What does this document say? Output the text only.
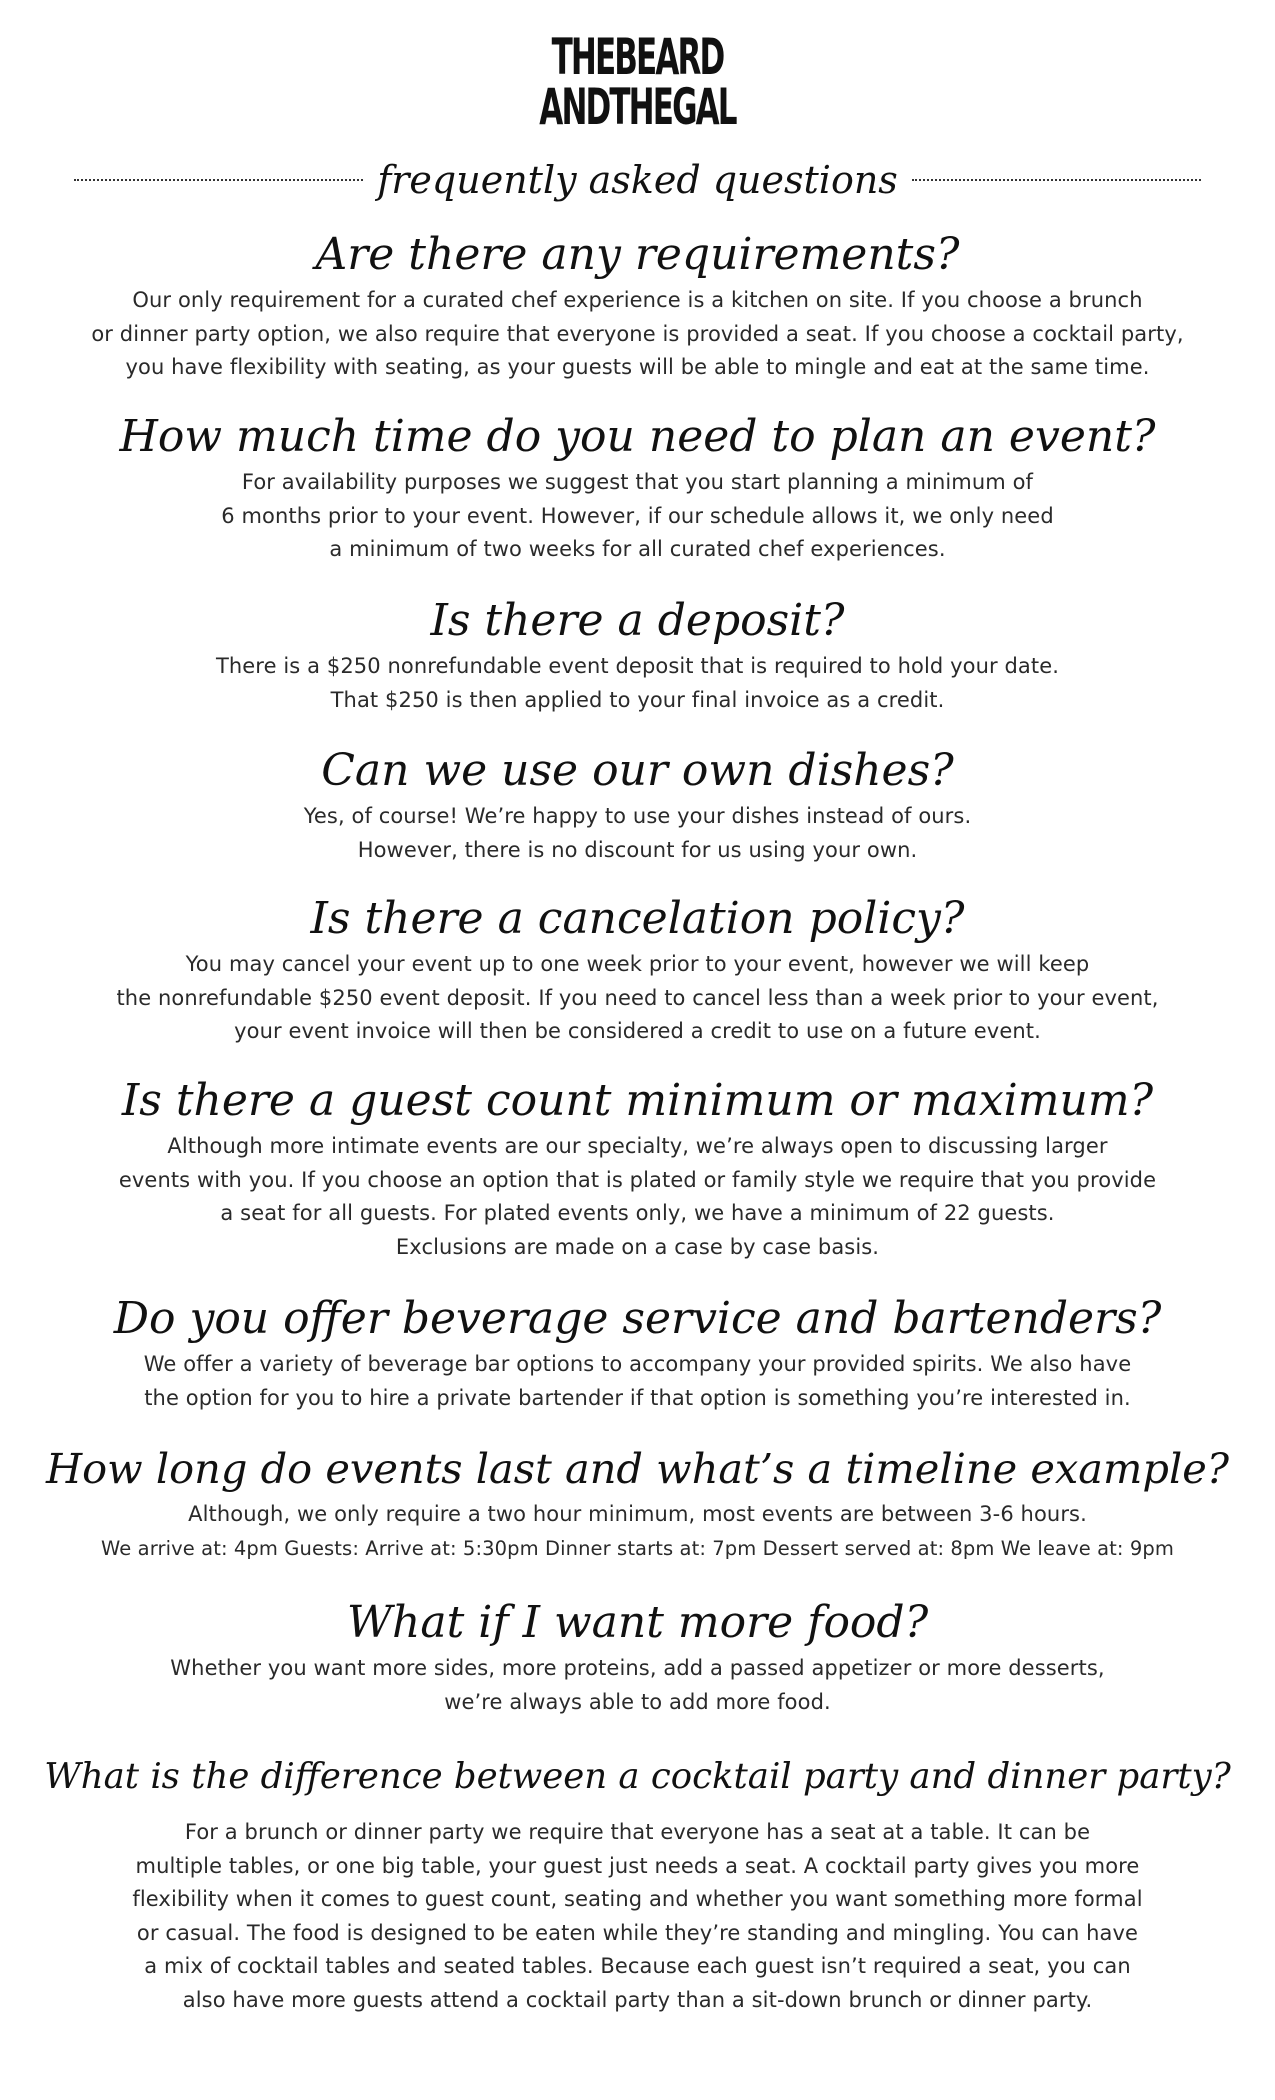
THEBEARD
ANDTHEGAL
frequently asked questions
Are there any requirements?
Our only requirement for a curated chef experience is a kitchen on site. If you choose a brunch
or dinner party option, we also require that everyone is provided a seat. If you choose a cocktail party,
you have flexibility with seating, as your guests will be able to mingle and eat at the same time.
How much time do you need to plan an event?
For availability purposes we suggest that you start planning a minimum of
6 months prior to your event. However, if our schedule allows it, we only need
a minimum of two weeks for all curated chef experiences.
Is there a deposit?
There is a $250 nonrefundable event deposit that is required to hold your date.
That $250 is then applied to your final invoice as a credit.
Can we use our own dishes?
Yes, of course! We’re happy to use your dishes instead of ours.
However, there is no discount for us using your own.
Is there a cancelation policy?
You may cancel your event up to one week prior to your event, however we will keep
the nonrefundable $250 event deposit. If you need to cancel less than a week prior to your event,
your event invoice will then be considered a credit to use on a future event.
Is there a guest count minimum or maximum?
Although more intimate events are our specialty, we’re always open to discussing larger
events with you. If you choose an option that is plated or family style we require that you provide
a seat for all guests. For plated events only, we have a minimum of 22 guests.
Exclusions are made on a case by case basis.
Do you offer beverage service and bartenders?
We offer a variety of beverage bar options to accompany your provided spirits. We also have
the option for you to hire a private bartender if that option is something you’re interested in.
How long do events last and what’s a timeline example?
Although, we only require a two hour minimum, most events are between 3-6 hours.
We arrive at: 4pm Guests: Arrive at: 5:30pm Dinner starts at: 7pm Dessert served at: 8pm We leave at: 9pm
What if I want more food?
Whether you want more sides, more proteins, add a passed appetizer or more desserts,
we’re always able to add more food.
What is the difference between a cocktail party and dinner party?
For a brunch or dinner party we require that everyone has a seat at a table. It can be
multiple tables, or one big table, your guest just needs a seat. A cocktail party gives you more
flexibility when it comes to guest count, seating and whether you want something more formal
or casual. The food is designed to be eaten while they’re standing and mingling. You can have
a mix of cocktail tables and seated tables. Because each guest isn’t required a seat, you can
also have more guests attend a cocktail party than a sit-down brunch or dinner party.
